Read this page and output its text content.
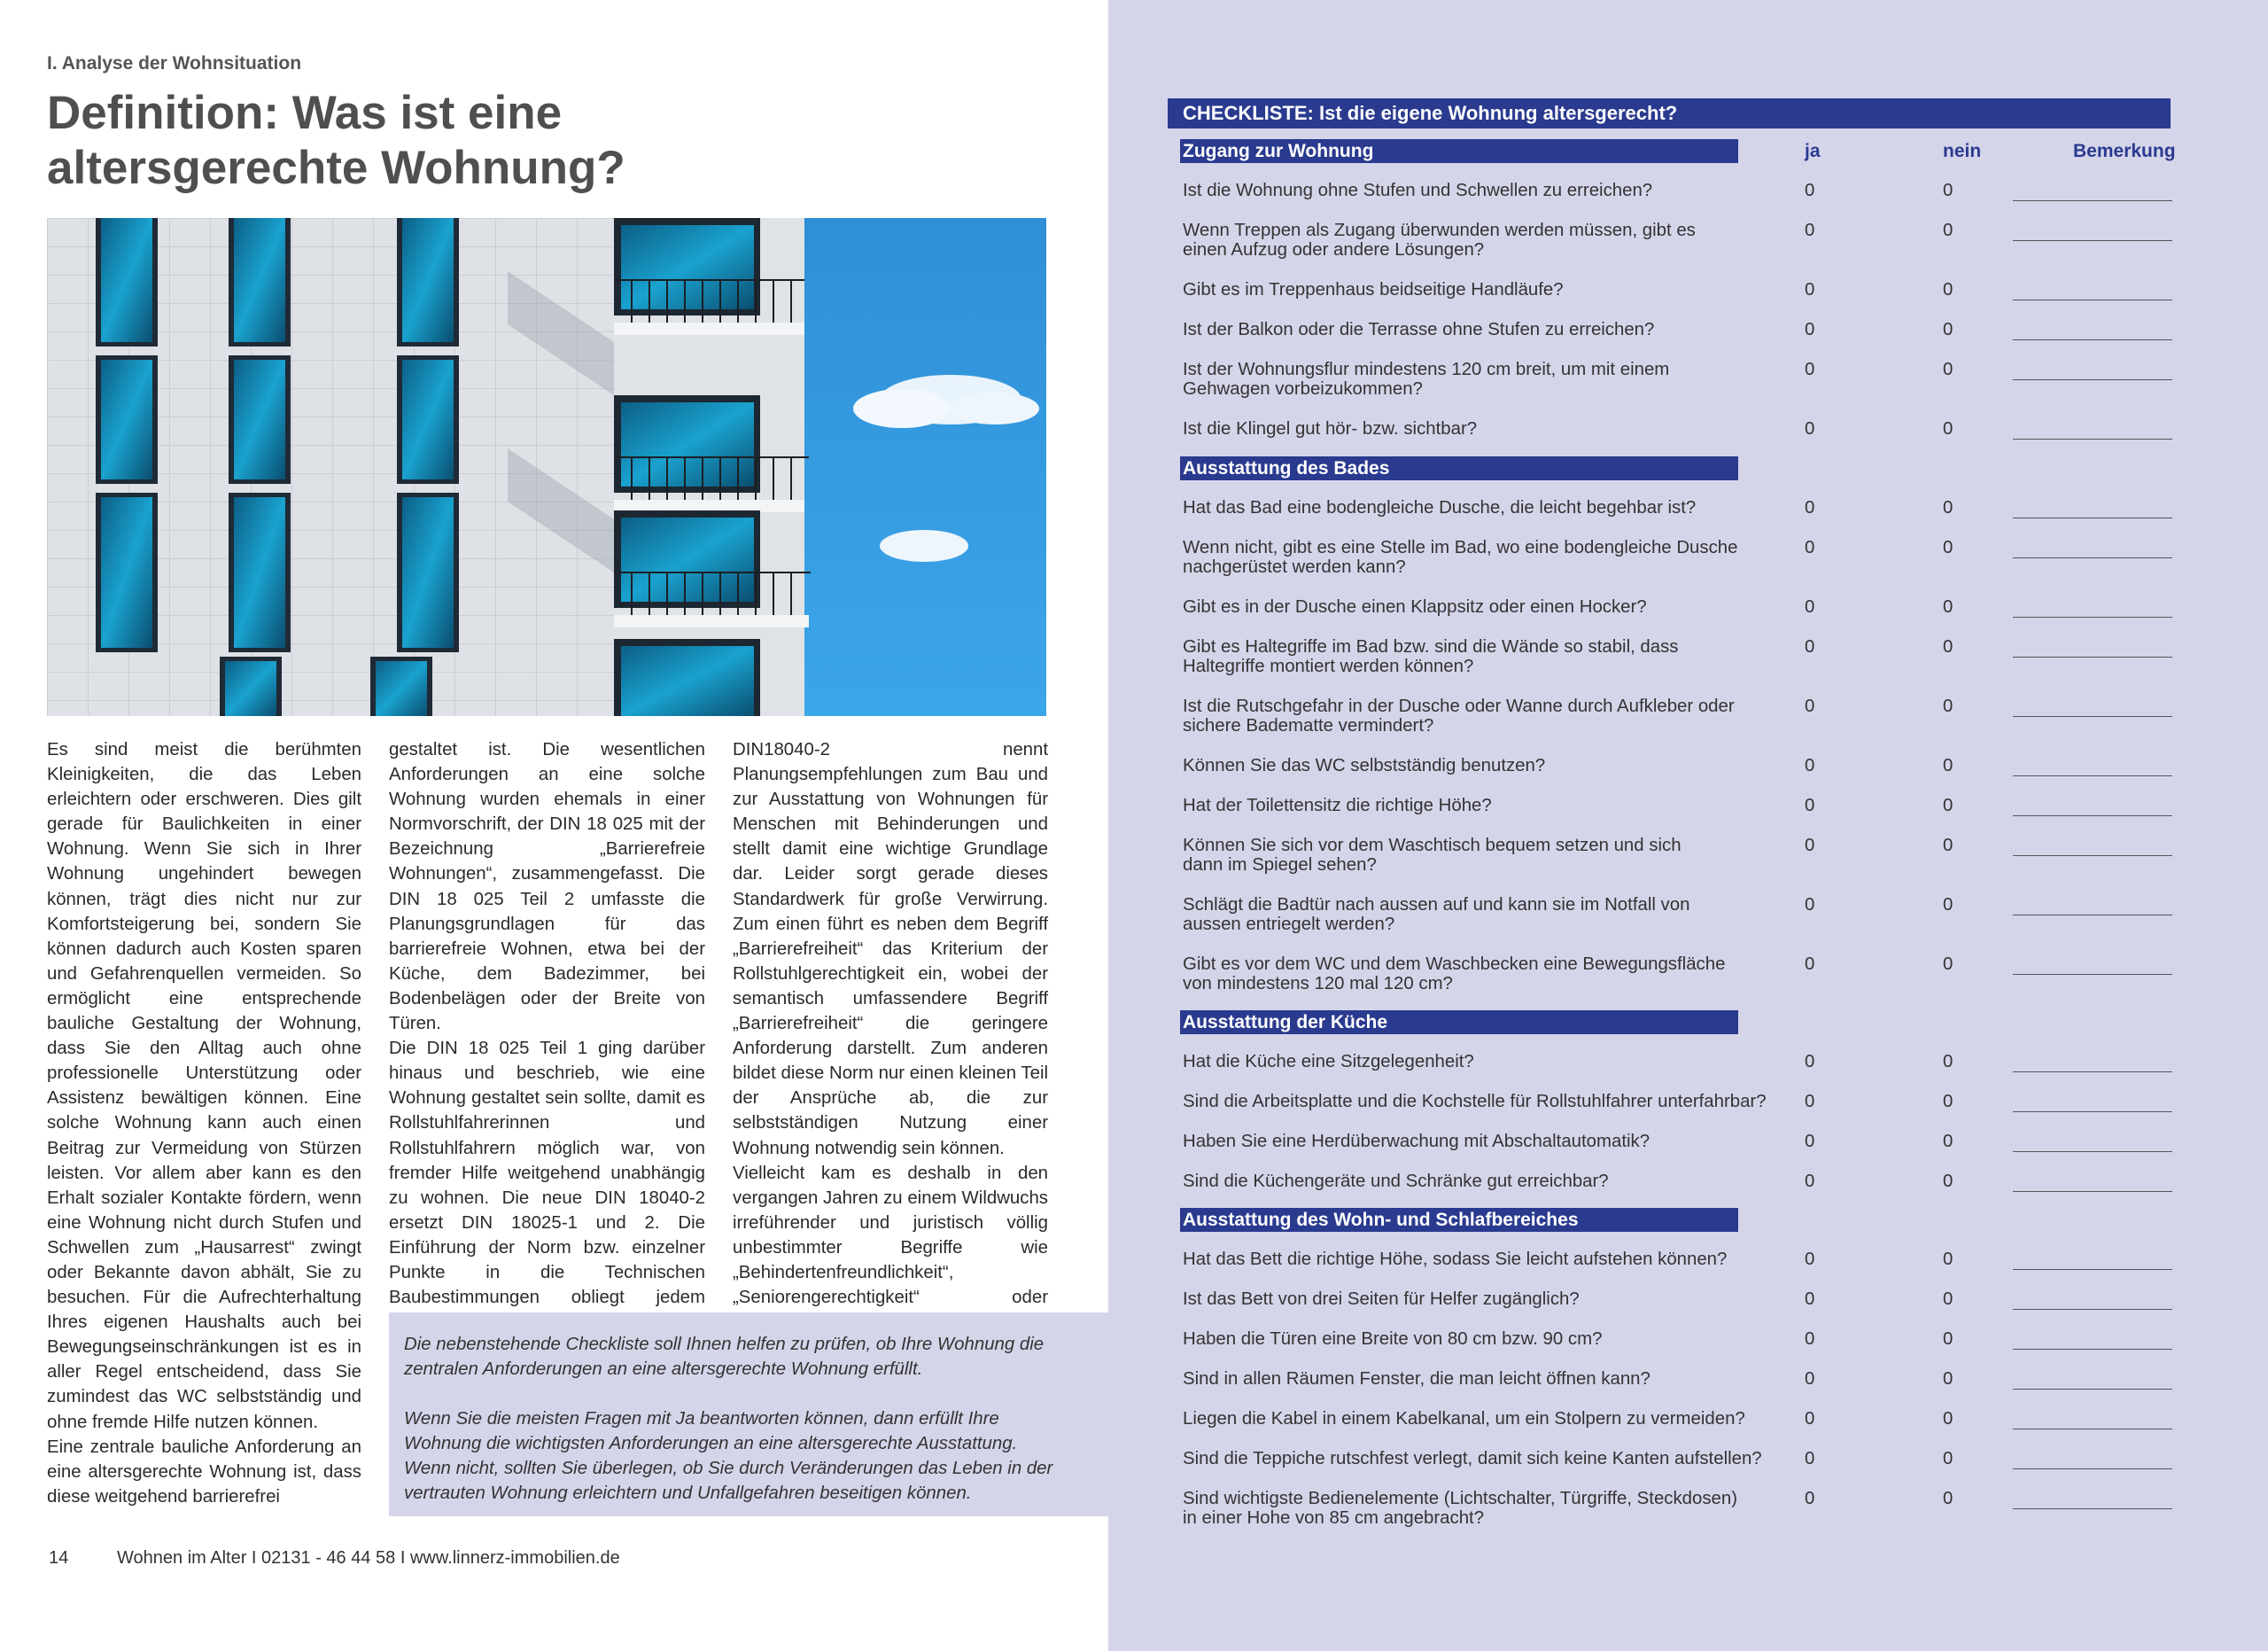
I. Analyse der Wohnsituation
Definition: Was ist eine
altersgerechte Wohnung?

Es sind meist die berühmten Kleinigkeiten, die das Leben erleichtern oder erschweren. Dies gilt gerade für Baulichkeiten in einer Wohnung. Wenn Sie sich in Ihrer Wohnung ungehindert bewegen können, trägt dies nicht nur zur Komfortsteigerung bei, sondern Sie können dadurch auch Kosten sparen und Gefahrenquellen vermeiden. So ermöglicht eine entsprechende bauliche Gestaltung der Wohnung, dass Sie den Alltag auch ohne professionelle Unterstützung oder Assistenz bewältigen können. Eine solche Wohnung kann auch einen Beitrag zur Vermeidung von Stürzen leisten. Vor allem aber kann es den Erhalt sozialer Kontakte fördern, wenn eine Wohnung nicht durch Stufen und Schwellen zum „Hausarrest“ zwingt oder Bekannte davon abhält, Sie zu besuchen. Für die Aufrechterhaltung Ihres eigenen Haushalts auch bei Bewegungseinschränkungen ist es in aller Regel entscheidend, dass Sie zumindest das WC selbstständig und ohne fremde Hilfe nutzen können.

Eine zentrale bauliche Anforderung an eine altersgerechte Wohnung ist, dass diese weitgehend barrierefrei

gestaltet ist. Die wesentlichen Anforderungen an eine solche Wohnung wurden ehemals in einer Normvorschrift, der DIN 18 025 mit der Bezeichnung „Barrierefreie Wohnungen“, zusammengefasst. Die DIN 18 025 Teil 2 umfasste die Planungsgrundlagen für das barrierefreie Wohnen, etwa bei der Küche, dem Badezimmer, bei Bodenbelägen oder der Breite von Türen.

Die DIN 18 025 Teil 1 ging darüber hinaus und beschrieb, wie eine Wohnung gestaltet sein sollte, damit es Rollstuhlfahrerinnen und Rollstuhlfahrern möglich war, von fremder Hilfe weitgehend unabhängig zu wohnen. Die neue DIN 18040-2 ersetzt DIN 18025-1 und 2. Die Einführung der Norm bzw. einzelner Punkte in die Technischen Baubestimmungen obliegt jedem

DIN18040-2 nennt Planungsempfehlungen zum Bau und zur Ausstattung von Wohnungen für Menschen mit Behinderungen und stellt damit eine wichtige Grundlage dar. Leider sorgt gerade dieses Standardwerk für große Verwirrung. Zum einen führt es neben dem Begriff „Barrierefreiheit“ das Kriterium der Rollstuhlgerechtigkeit ein, wobei der semantisch umfassendere Begriff „Barrierefreiheit“ die geringere Anforderung darstellt. Zum anderen bildet diese Norm nur einen kleinen Teil der Ansprüche ab, die zur selbstständigen Nutzung einer Wohnung notwendig sein können.

Vielleicht kam es deshalb in den vergangen Jahren zu einem Wildwuchs irreführender und juristisch völlig unbestimmter Begriffe wie „Behindertenfreundlichkeit“, „Seniorengerechtigkeit“ oder

Die nebenstehende Checkliste soll Ihnen helfen zu prüfen, ob Ihre Wohnung die zentralen Anforderungen an eine altersgerechte Wohnung erfüllt.

Wenn Sie die meisten Fragen mit Ja beantworten können, dann erfüllt Ihre Wohnung die wichtigsten Anforderungen an eine altersgerechte Ausstattung. Wenn nicht, sollten Sie überlegen, ob Sie durch Veränderungen das Leben in der vertrauten Wohnung erleichtern und Unfallgefahren beseitigen können.

14	Wohnen im Alter I 02131 - 46 44 58 I www.linnerz-immobilien.de
CHECKLISTE: Ist die eigene Wohnung altersgerecht?
ja	nein	Bemerkung
Zugang zur Wohnung
Ist die Wohnung ohne Stufen und Schwellen zu erreichen?	0	0
Wenn Treppen als Zugang überwunden werden müssen, gibt es
einen Aufzug oder andere Lösungen?
0	0
Gibt es im Treppenhaus beidseitige Handläufe?	0	0
Ist der Balkon oder die Terrasse ohne Stufen zu erreichen?	0	0
Ist der Wohnungsflur mindestens 120 cm breit, um mit einem
Gehwagen vorbeizukommen?
0	0
Ist die Klingel gut hör- bzw. sichtbar?	0	0
Ausstattung des Bades
Hat das Bad eine bodengleiche Dusche, die leicht begehbar ist?	0	0
Wenn nicht, gibt es eine Stelle im Bad, wo eine bodengleiche Dusche
nachgerüstet werden kann?
0	0
Gibt es in der Dusche einen Klappsitz oder einen Hocker?	0	0
Gibt es Haltegriffe im Bad bzw. sind die Wände so stabil, dass
Haltegriffe montiert werden können?
0	0
Ist die Rutschgefahr in der Dusche oder Wanne durch Aufkleber oder
sichere Badematte vermindert?
0	0
Können Sie das WC selbstständig benutzen?	0	0
Hat der Toilettensitz die richtige Höhe?	0	0
Können Sie sich vor dem Waschtisch bequem setzen und sich
dann im Spiegel sehen?
0	0
Schlägt die Badtür nach aussen auf und kann sie im Notfall von
aussen entriegelt werden?
0	0
Gibt es vor dem WC und dem Waschbecken eine Bewegungsfläche
von mindestens 120 mal 120 cm?
0	0
Ausstattung der Küche
Hat die Küche eine Sitzgelegenheit?	0	0
Sind die Arbeitsplatte und die Kochstelle für Rollstuhlfahrer unterfahrbar?	0	0
Haben Sie eine Herdüberwachung mit Abschaltautomatik?	0	0
Sind die Küchengeräte und Schränke gut erreichbar?	0	0
Ausstattung des Wohn- und Schlafbereiches
Hat das Bett die richtige Höhe, sodass Sie leicht aufstehen können?	0	0
Ist das Bett von drei Seiten für Helfer zugänglich?	0	0
Haben die Türen eine Breite von 80 cm bzw. 90 cm?	0	0
Sind in allen Räumen Fenster, die man leicht öffnen kann?	0	0
Liegen die Kabel in einem Kabelkanal, um ein Stolpern zu vermeiden?	0	0
Sind die Teppiche rutschfest verlegt, damit sich keine Kanten aufstellen?	0	0
Sind wichtigste Bedienelemente (Lichtschalter, Türgriffe, Steckdosen)
in einer Hohe von 85 cm angebracht?
0	0
